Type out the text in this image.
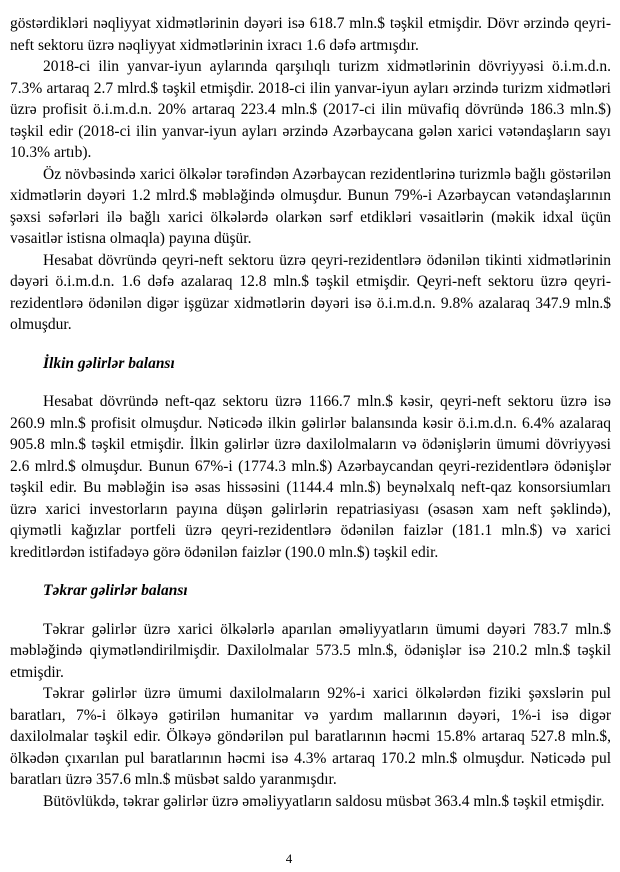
göstərdikləri nəqliyyat xidmətlərinin dəyəri isə 618.7 mln.$ təşkil etmişdir. Dövr ərzində qeyri-neft sektoru üzrə nəqliyyat xidmətlərinin ixracı 1.6 dəfə artmışdır.

2018-ci ilin yanvar-iyun aylarında qarşılıqlı turizm xidmətlərinin dövriyyəsi ö.i.m.d.n. 7.3% artaraq 2.7 mlrd.$ təşkil etmişdir. 2018-ci ilin yanvar-iyun ayları ərzində turizm xidmətləri üzrə profisit ö.i.m.d.n. 20% artaraq 223.4 mln.$ (2017-ci ilin müvafiq dövründə 186.3 mln.$) təşkil edir (2018-ci ilin yanvar-iyun ayları ərzində Azərbaycana gələn xarici vətəndaşların sayı 10.3% artıb).

Öz növbəsində xarici ölkələr tərəfindən Azərbaycan rezidentlərinə turizmlə bağlı göstərilən xidmətlərin dəyəri 1.2 mlrd.$ məbləğində olmuşdur. Bunun 79%-i Azərbaycan vətəndaşlarının şəxsi səfərləri ilə bağlı xarici ölkələrdə olarkən sərf etdikləri vəsaitlərin (məkik idxal üçün vəsaitlər istisna olmaqla) payına düşür.

Hesabat dövründə qeyri-neft sektoru üzrə qeyri-rezidentlərə ödənilən tikinti xidmətlərinin dəyəri ö.i.m.d.n. 1.6 dəfə azalaraq 12.8 mln.$ təşkil etmişdir. Qeyri-neft sektoru üzrə qeyri-rezidentlərə ödənilən digər işgüzar xidmətlərin dəyəri isə ö.i.m.d.n. 9.8% azalaraq 347.9 mln.$ olmuşdur.

İlkin gəlirlər balansı

Hesabat dövründə neft-qaz sektoru üzrə 1166.7 mln.$ kəsir, qeyri-neft sektoru üzrə isə 260.9 mln.$ profisit olmuşdur. Nəticədə ilkin gəlirlər balansında kəsir ö.i.m.d.n. 6.4% azalaraq 905.8 mln.$ təşkil etmişdir. İlkin gəlirlər üzrə daxilolmaların və ödənişlərin ümumi dövriyyəsi 2.6 mlrd.$ olmuşdur. Bunun 67%-i (1774.3 mln.$) Azərbaycandan qeyri-rezidentlərə ödənişlər təşkil edir. Bu məbləğin isə əsas hissəsini (1144.4 mln.$) beynəlxalq neft-qaz konsorsiumları üzrə xarici investorların payına düşən gəlirlərin repatriasiyası (əsasən xam neft şəklində), qiymətli kağızlar portfeli üzrə qeyri-rezidentlərə ödənilən faizlər (181.1 mln.$) və xarici kreditlərdən istifadəyə görə ödənilən faizlər (190.0 mln.$) təşkil edir.

Təkrar gəlirlər balansı

Təkrar gəlirlər üzrə xarici ölkələrlə aparılan əməliyyatların ümumi dəyəri 783.7 mln.$ məbləğində qiymətləndirilmişdir. Daxilolmalar 573.5 mln.$, ödənişlər isə 210.2 mln.$ təşkil etmişdir.

Təkrar gəlirlər üzrə ümumi daxilolmaların 92%-i xarici ölkələrdən fiziki şəxslərin pul baratları, 7%-i ölkəyə gətirilən humanitar və yardım mallarının dəyəri, 1%-i isə digər daxilolmalar təşkil edir. Ölkəyə göndərilən pul baratlarının həcmi 15.8% artaraq 527.8 mln.$, ölkədən çıxarılan pul baratlarının həcmi isə 4.3% artaraq 170.2 mln.$ olmuşdur. Nəticədə pul baratları üzrə 357.6 mln.$ müsbət saldo yaranmışdır.

Bütövlükdə, təkrar gəlirlər üzrə əməliyyatların saldosu müsbət 363.4 mln.$ təşkil etmişdir.

4
